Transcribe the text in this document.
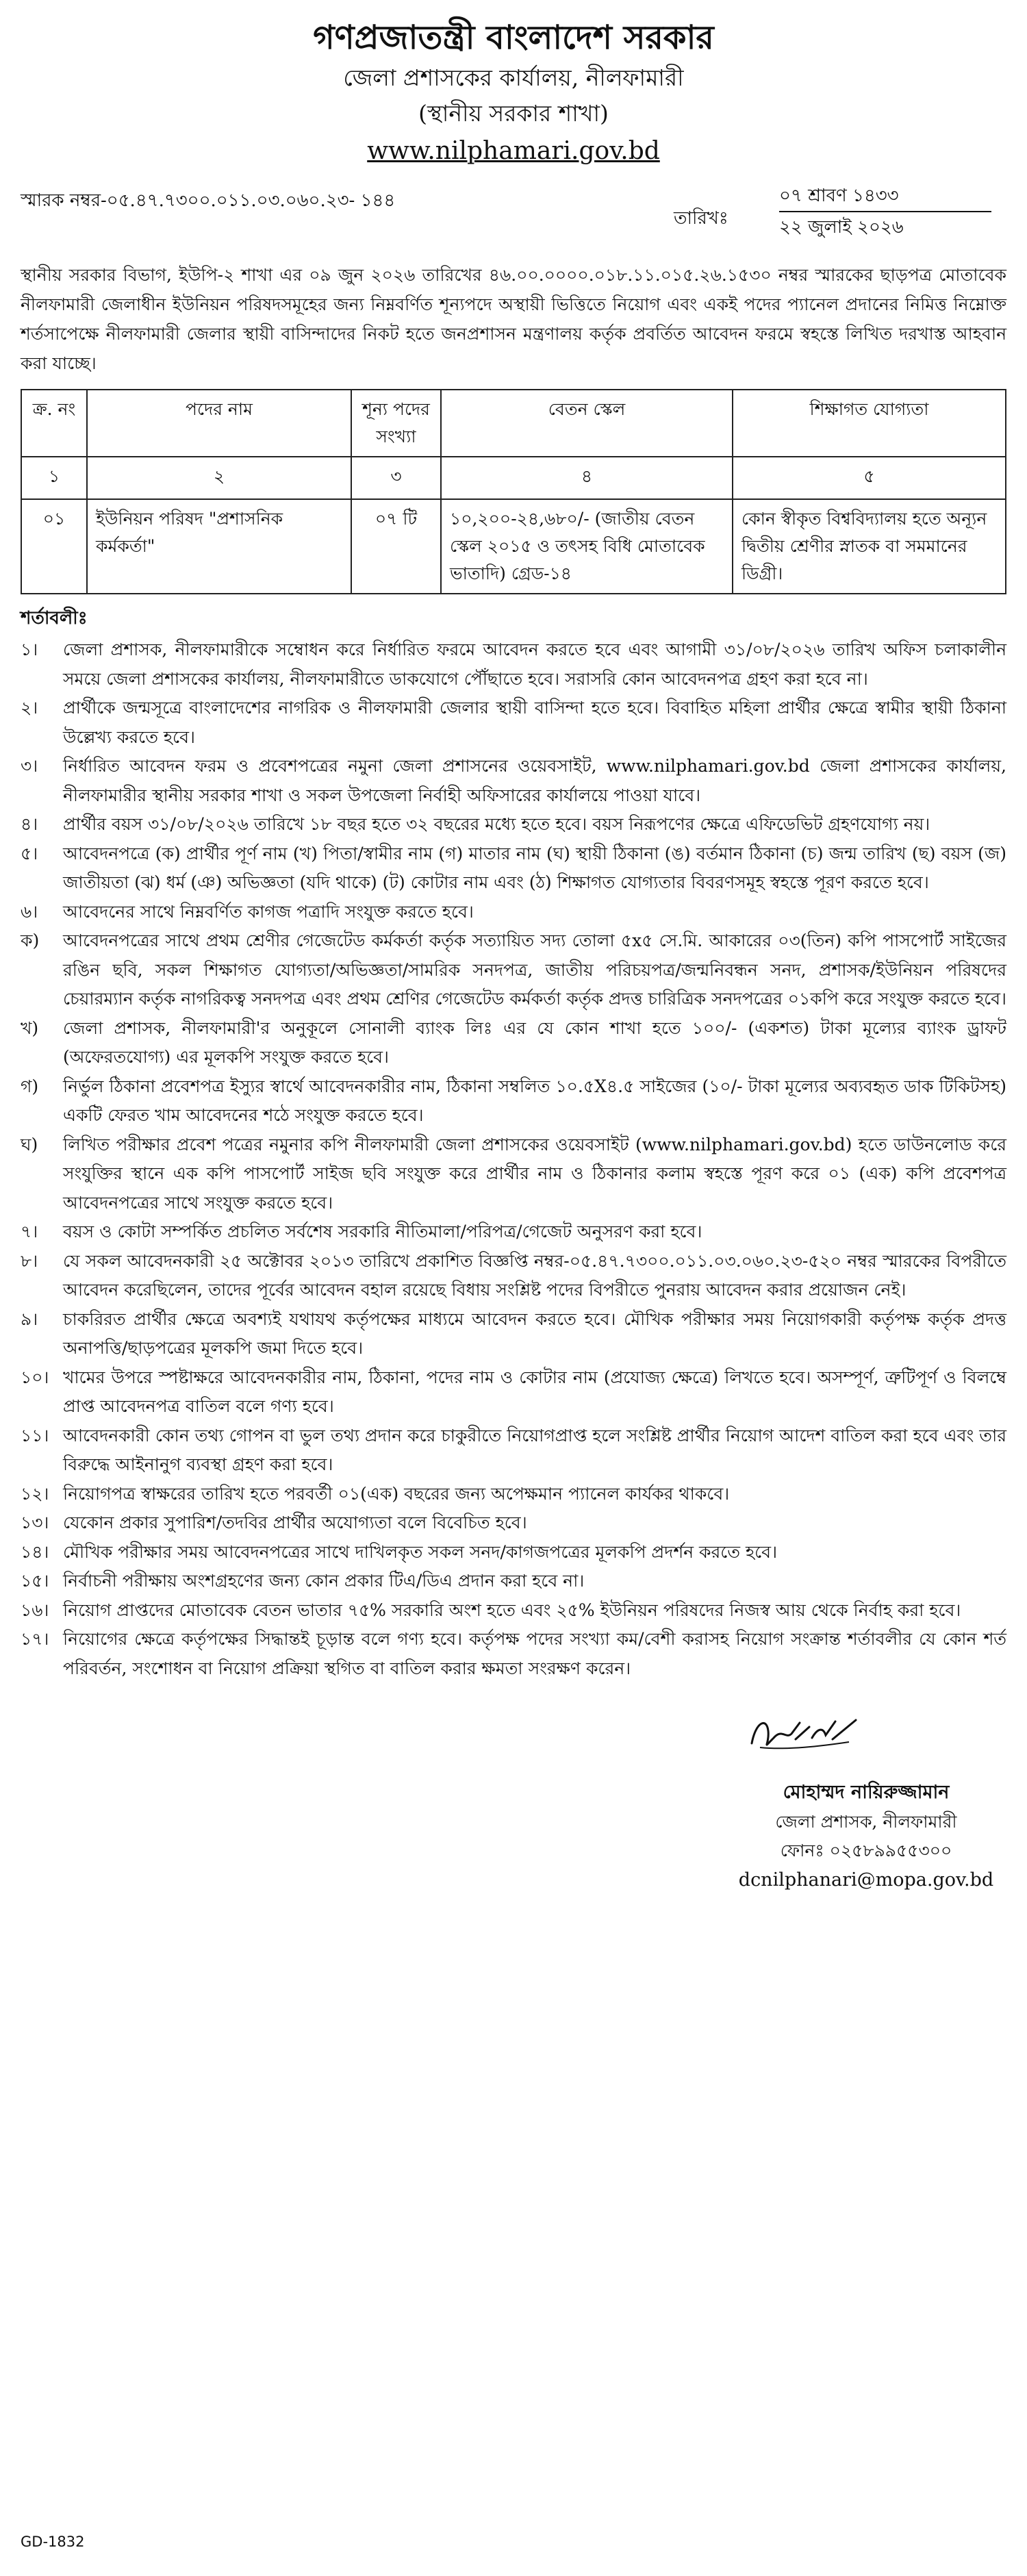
গণপ্রজাতন্ত্রী বাংলাদেশ সরকার
জেলা প্রশাসকের কার্যালয়, নীলফামারী
(স্থানীয় সরকার শাখা)
www.nilphamari.gov.bd
স্মারক নম্বর-০৫.৪৭.৭৩০০.০১১.০৩.০৬০.২৩- ১৪৪
তারিখঃ
০৭ শ্রাবণ ১৪৩৩
২২ জুলাই ২০২৬
স্থানীয় সরকার বিভাগ, ইউপি-২ শাখা এর ০৯ জুন ২০২৬ তারিখের ৪৬.০০.০০০০.০১৮.১১.০১৫.২৬.১৫৩০ নম্বর স্মারকের ছাড়পত্র মোতাবেক নীলফামারী জেলাধীন ইউনিয়ন পরিষদসমূহের জন্য নিম্নবর্ণিত শূন্যপদে অস্থায়ী ভিত্তিতে নিয়োগ এবং একই পদের প্যানেল প্রদানের নিমিত্ত নিম্নোক্ত শর্তসাপেক্ষে নীলফামারী জেলার স্থায়ী বাসিন্দাদের নিকট হতে জনপ্রশাসন মন্ত্রণালয় কর্তৃক প্রবর্তিত আবেদন ফরমে স্বহস্তে লিখিত দরখাস্ত আহবান করা যাচ্ছে।
ক্র. নং	পদের নাম	শূন্য পদের সংখ্যা	বেতন স্কেল	শিক্ষাগত যোগ্যতা
১	২	৩	৪	৫
০১	ইউনিয়ন পরিষদ "প্রশাসনিক কর্মকর্তা"	০৭ টি	১০,২০০-২৪,৬৮০/- (জাতীয় বেতন স্কেল ২০১৫ ও তৎসহ বিধি মোতাবেক ভাতাদি) গ্রেড-১৪	কোন স্বীকৃত বিশ্ববিদ্যালয় হতে অন্যূন দ্বিতীয় শ্রেণীর স্নাতক বা সমমানের ডিগ্রী।
শর্তাবলীঃ
১।	জেলা প্রশাসক, নীলফামারীকে সম্বোধন করে নির্ধারিত ফরমে আবেদন করতে হবে এবং আগামী ৩১/০৮/২০২৬ তারিখ অফিস চলাকালীন সময়ে জেলা প্রশাসকের কার্যালয়, নীলফামারীতে ডাকযোগে পৌঁছাতে হবে। সরাসরি কোন আবেদনপত্র গ্রহণ করা হবে না।
২।	প্রার্থীকে জন্মসূত্রে বাংলাদেশের নাগরিক ও নীলফামারী জেলার স্থায়ী বাসিন্দা হতে হবে। বিবাহিত মহিলা প্রার্থীর ক্ষেত্রে স্বামীর স্থায়ী ঠিকানা উল্লেখ্য করতে হবে।
৩।	নির্ধারিত আবেদন ফরম ও প্রবেশপত্রের নমুনা জেলা প্রশাসনের ওয়েবসাইট, www.nilphamari.gov.bd জেলা প্রশাসকের কার্যালয়, নীলফামারীর স্থানীয় সরকার শাখা ও সকল উপজেলা নির্বাহী অফিসারের কার্যালয়ে পাওয়া যাবে।
৪।	প্রার্থীর বয়স ৩১/০৮/২০২৬ তারিখে ১৮ বছর হতে ৩২ বছরের মধ্যে হতে হবে। বয়স নিরূপণের ক্ষেত্রে এফিডেভিট গ্রহণযোগ্য নয়।
৫।	আবেদনপত্রে (ক) প্রার্থীর পূর্ণ নাম (খ) পিতা/স্বামীর নাম (গ) মাতার নাম (ঘ) স্থায়ী ঠিকানা (ঙ) বর্তমান ঠিকানা (চ) জন্ম তারিখ (ছ) বয়স (জ) জাতীয়তা (ঝ) ধর্ম (ঞ) অভিজ্ঞতা (যদি থাকে) (ট) কোটার নাম এবং (ঠ) শিক্ষাগত যোগ্যতার বিবরণসমূহ স্বহস্তে পূরণ করতে হবে।
৬।	আবেদনের সাথে নিম্নবর্ণিত কাগজ পত্রাদি সংযুক্ত করতে হবে।
ক)	আবেদনপত্রের সাথে প্রথম শ্রেণীর গেজেটেড কর্মকর্তা কর্তৃক সত্যায়িত সদ্য তোলা ৫x৫ সে.মি. আকারের ০৩(তিন) কপি পাসপোর্ট সাইজের রঙিন ছবি, সকল শিক্ষাগত যোগ্যতা/অভিজ্ঞতা/সামরিক সনদপত্র, জাতীয় পরিচয়পত্র/জন্মনিবন্ধন সনদ, প্রশাসক/ইউনিয়ন পরিষদের চেয়ারম্যান কর্তৃক নাগরিকত্ব সনদপত্র এবং প্রথম শ্রেণির গেজেটেড কর্মকর্তা কর্তৃক প্রদত্ত চারিত্রিক সনদপত্রের ০১কপি করে সংযুক্ত করতে হবে।
খ)	জেলা প্রশাসক, নীলফামারী'র অনুকূলে সোনালী ব্যাংক লিঃ এর যে কোন শাখা হতে ১০০/- (একশত) টাকা মূল্যের ব্যাংক ড্রাফট (অফেরতযোগ্য) এর মূলকপি সংযুক্ত করতে হবে।
গ)	নির্ভুল ঠিকানা প্রবেশপত্র ইস্যুর স্বার্থে আবেদনকারীর নাম, ঠিকানা সম্বলিত ১০.৫X৪.৫ সাইজের (১০/- টাকা মূল্যের অব্যবহৃত ডাক টিকিটসহ) একটি ফেরত খাম আবেদনের শঠে সংযুক্ত করতে হবে।
ঘ)	লিখিত পরীক্ষার প্রবেশ পত্রের নমুনার কপি নীলফামারী জেলা প্রশাসকের ওয়েবসাইট (www.nilphamari.gov.bd) হতে ডাউনলোড করে সংযুক্তির স্থানে এক কপি পাসপোর্ট সাইজ ছবি সংযুক্ত করে প্রার্থীর নাম ও ঠিকানার কলাম স্বহস্তে পূরণ করে ০১ (এক) কপি প্রবেশপত্র আবেদনপত্রের সাথে সংযুক্ত করতে হবে।
৭।	বয়স ও কোটা সম্পর্কিত প্রচলিত সর্বশেষ সরকারি নীতিমালা/পরিপত্র/গেজেট অনুসরণ করা হবে।
৮।	যে সকল আবেদনকারী ২৫ অক্টোবর ২০১৩ তারিখে প্রকাশিত বিজ্ঞপ্তি নম্বর-০৫.৪৭.৭৩০০.০১১.০৩.০৬০.২৩-৫২০ নম্বর স্মারকের বিপরীতে আবেদন করেছিলেন, তাদের পূর্বের আবেদন বহাল রয়েছে বিধায় সংশ্লিষ্ট পদের বিপরীতে পুনরায় আবেদন করার প্রয়োজন নেই।
৯।	চাকরিরত প্রার্থীর ক্ষেত্রে অবশ্যই যথাযথ কর্তৃপক্ষের মাধ্যমে আবেদন করতে হবে। মৌখিক পরীক্ষার সময় নিয়োগকারী কর্তৃপক্ষ কর্তৃক প্রদত্ত অনাপত্তি/ছাড়পত্রের মূলকপি জমা দিতে হবে।
১০। খামের উপরে স্পষ্টাক্ষরে আবেদনকারীর নাম, ঠিকানা, পদের নাম ও কোটার নাম (প্রযোজ্য ক্ষেত্রে) লিখতে হবে। অসম্পূর্ণ, ত্রুটিপূর্ণ ও বিলম্বে প্রাপ্ত আবেদনপত্র বাতিল বলে গণ্য হবে।
১১। আবেদনকারী কোন তথ্য গোপন বা ভুল তথ্য প্রদান করে চাকুরীতে নিয়োগপ্রাপ্ত হলে সংশ্লিষ্ট প্রার্থীর নিয়োগ আদেশ বাতিল করা হবে এবং তার বিরুদ্ধে আইনানুগ ব্যবস্থা গ্রহণ করা হবে।
১২। নিয়োগপত্র স্বাক্ষরের তারিখ হতে পরবর্তী ০১(এক) বছরের জন্য অপেক্ষমান প্যানেল কার্যকর থাকবে।
১৩। যেকোন প্রকার সুপারিশ/তদবির প্রার্থীর অযোগ্যতা বলে বিবেচিত হবে।
১৪। মৌখিক পরীক্ষার সময় আবেদনপত্রের সাথে দাখিলকৃত সকল সনদ/কাগজপত্রের মূলকপি প্রদর্শন করতে হবে।
১৫। নির্বাচনী পরীক্ষায় অংশগ্রহণের জন্য কোন প্রকার টিএ/ডিএ প্রদান করা হবে না।
১৬। নিয়োগ প্রাপ্তদের মোতাবেক বেতন ভাতার ৭৫% সরকারি অংশ হতে এবং ২৫% ইউনিয়ন পরিষদের নিজস্ব আয় থেকে নির্বাহ করা হবে।
১৭। নিয়োগের ক্ষেত্রে কর্তৃপক্ষের সিদ্ধান্তই চূড়ান্ত বলে গণ্য হবে। কর্তৃপক্ষ পদের সংখ্যা কম/বেশী করাসহ নিয়োগ সংক্রান্ত শর্তাবলীর যে কোন শর্ত পরিবর্তন, সংশোধন বা নিয়োগ প্রক্রিয়া স্থগিত বা বাতিল করার ক্ষমতা সংরক্ষণ করেন।
মোহাম্মদ নায়িরুজ্জামান
জেলা প্রশাসক, নীলফামারী
ফোনঃ ০২৫৮৯৯৫৫৩০০
dcnilphanari@mopa.gov.bd
GD-1832
